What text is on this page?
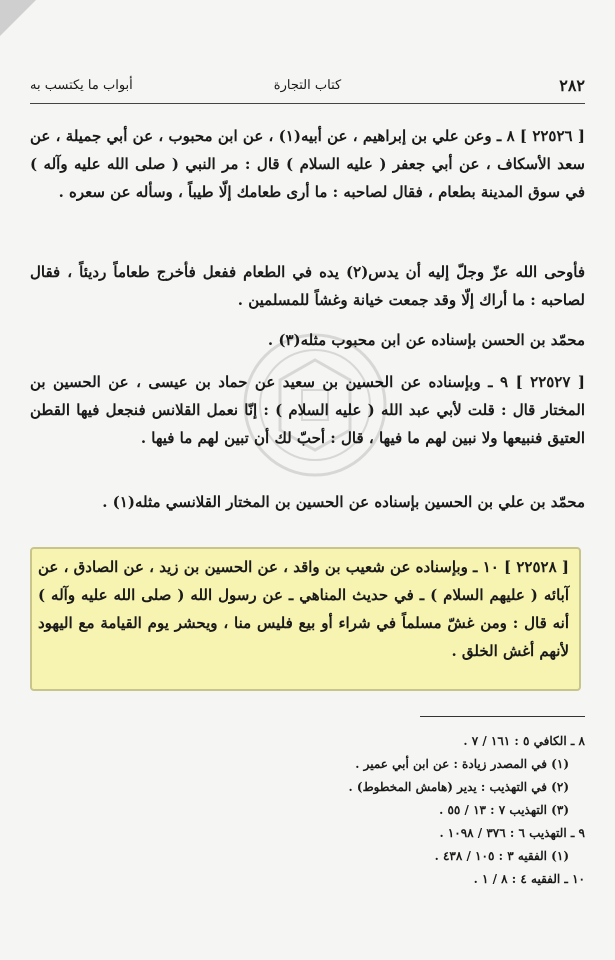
٢٨٢
كتاب التجارة
أبواب ما يكتسب به
[ ٢٢٥٢٦ ] ٨ ـ وعن علي بن إبراهيم ، عن أبيه(١) ، عن ابن محبوب ، عن أبي جميلة ، عن سعد الأسكاف ، عن أبي جعفر ( عليه السلام ) قال : مر النبي ( صلى الله عليه وآله ) في سوق المدينة بطعام ، فقال لصاحبه : ما أرى طعامك إلّا طيباً ، وسأله عن سعره .
فأوحى الله عزّ وجلّ إليه أن يدس(٢) يده في الطعام ففعل فأخرج طعاماً رديئاً ، فقال لصاحبه : ما أراك إلّا وقد جمعت خيانة وغشاً للمسلمين .
محمّد بن الحسن بإسناده عن ابن محبوب مثله(٣) .
[ ٢٢٥٢٧ ] ٩ ـ وبإسناده عن الحسين بن سعيد عن حماد بن عيسى ، عن الحسين بن المختار قال : قلت لأبي عبد الله ( عليه السلام ) : إنّا نعمل القلانس فنجعل فيها القطن العتيق فنبيعها ولا نبين لهم ما فيها ، قال : أحبّ لك أن تبين لهم ما فيها .
محمّد بن علي بن الحسين بإسناده عن الحسين بن المختار القلانسي مثله(١) .
[ ٢٢٥٢٨ ] ١٠ ـ وبإسناده عن شعيب بن واقد ، عن الحسين بن زيد ، عن الصادق ، عن آبائه ( عليهم السلام ) ـ في حديث المناهي ـ عن رسول الله ( صلى الله عليه وآله ) أنه قال : ومن غشّ مسلماً في شراء أو بيع فليس منا ، ويحشر يوم القيامة مع اليهود لأنهم أغش الخلق .
٨ ـ الكافي ٥ : ١٦١ / ٧ .
(١) في المصدر زيادة : عن ابن أبي عمير .
(٢) في التهذيب : يدير (هامش المخطوط) .
(٣) التهذيب ٧ : ١٣ / ٥٥ .
٩ ـ التهذيب ٦ : ٣٧٦ / ١٠٩٨ .
(١) الفقيه ٣ : ١٠٥ / ٤٣٨ .
١٠ ـ الفقيه ٤ : ٨ / ١ .
